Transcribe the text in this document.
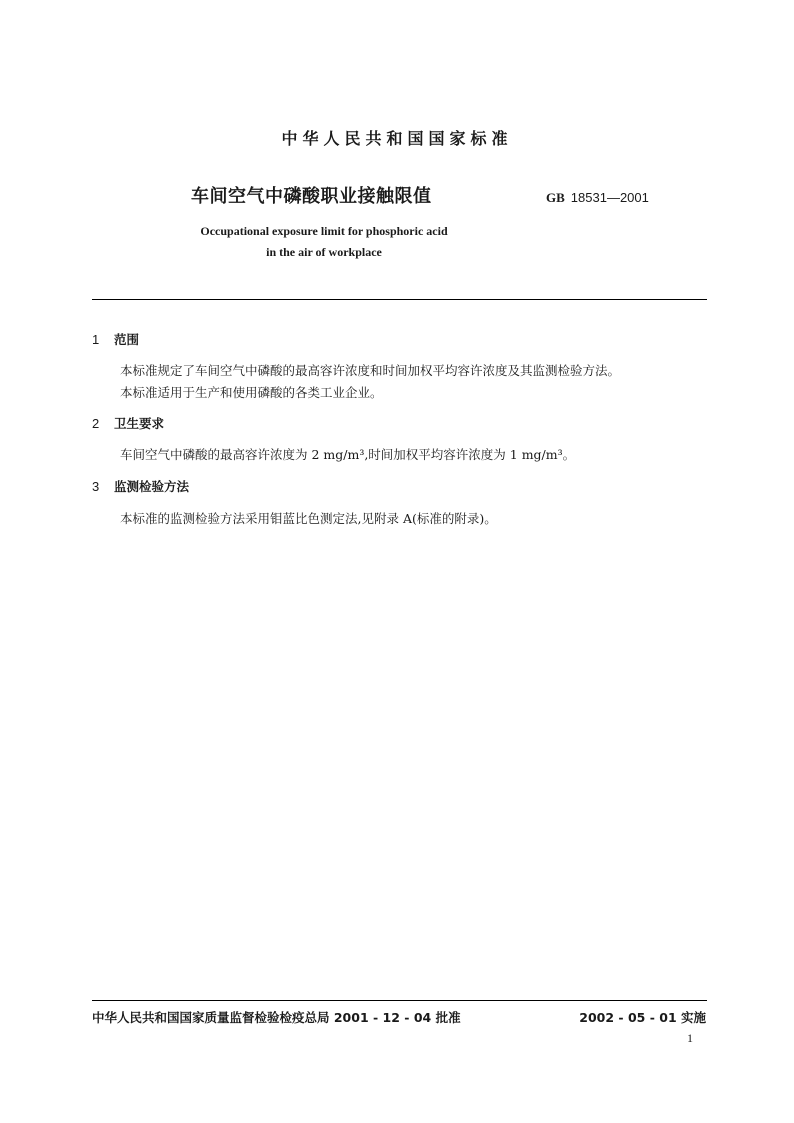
中华人民共和国国家标准
车间空气中磷酸职业接触限值	GB 18531—2001
Occupational exposure limit for phosphoric acid
in the air of workplace
1 范围
本标准规定了车间空气中磷酸的最高容许浓度和时间加权平均容许浓度及其监测检验方法。
本标准适用于生产和使用磷酸的各类工业企业。
2 卫生要求
车间空气中磷酸的最高容许浓度为 2 mg/m³,时间加权平均容许浓度为 1 mg/m³。
3 监测检验方法
本标准的监测检验方法采用钼蓝比色测定法,见附录 A(标准的附录)。
中华人民共和国国家质量监督检验检疫总局 2001 - 12 - 04 批准	2002 - 05 - 01 实施
1
